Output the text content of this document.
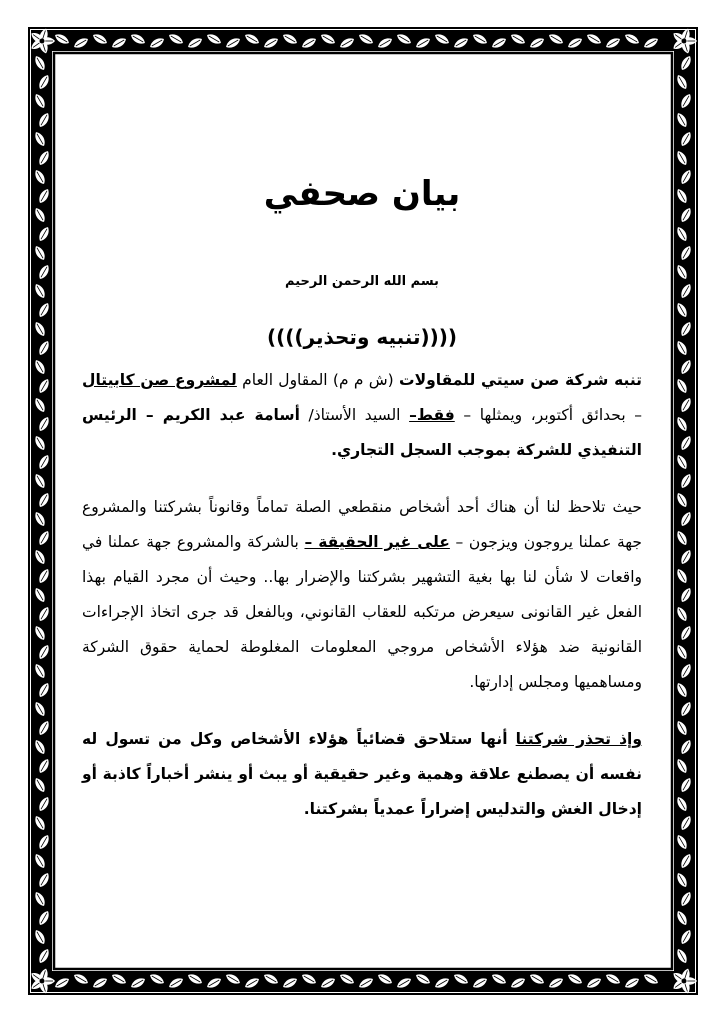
بيان صحفي
بسم الله الرحمن الرحيم
((((تنبيه وتحذير))))

تنبه شركة صن سيتي للمقاولات (ش م م) المقاول العام لمشروع صن كابيتال – بحدائق أكتوبر، ويمثلها – فقط– السيد الأستاذ/ أسامة عبد الكريم – الرئيس التنفيذي للشركة بموجب السجل التجاري.

حيث تلاحظ لنا أن هناك أحد أشخاص منقطعي الصلة تماماً وقانوناً بشركتنا والمشروع جهة عملنا يروجون ويزجون – على غير الحقيقة – بالشركة والمشروع جهة عملنا في واقعات لا شأن لنا بها بغية التشهير بشركتنا والإضرار بها.. وحيث أن مجرد القيام بهذا الفعل غير القانونى سيعرض مرتكبه للعقاب القانوني، وبالفعل قد جرى اتخاذ الإجراءات القانونية ضد هؤلاء الأشخاص مروجي المعلومات المغلوطة لحماية حقوق الشركة ومساهميها ومجلس إدارتها.

وإذ تحذر شركتنا أنها ستلاحق قضائياً هؤلاء الأشخاص وكل من تسول له نفسه أن يصطنع علاقة وهمية وغير حقيقية أو يبث أو ينشر أخباراً كاذبة أو إدخال الغش والتدليس إضراراً عمدياً بشركتنا.
